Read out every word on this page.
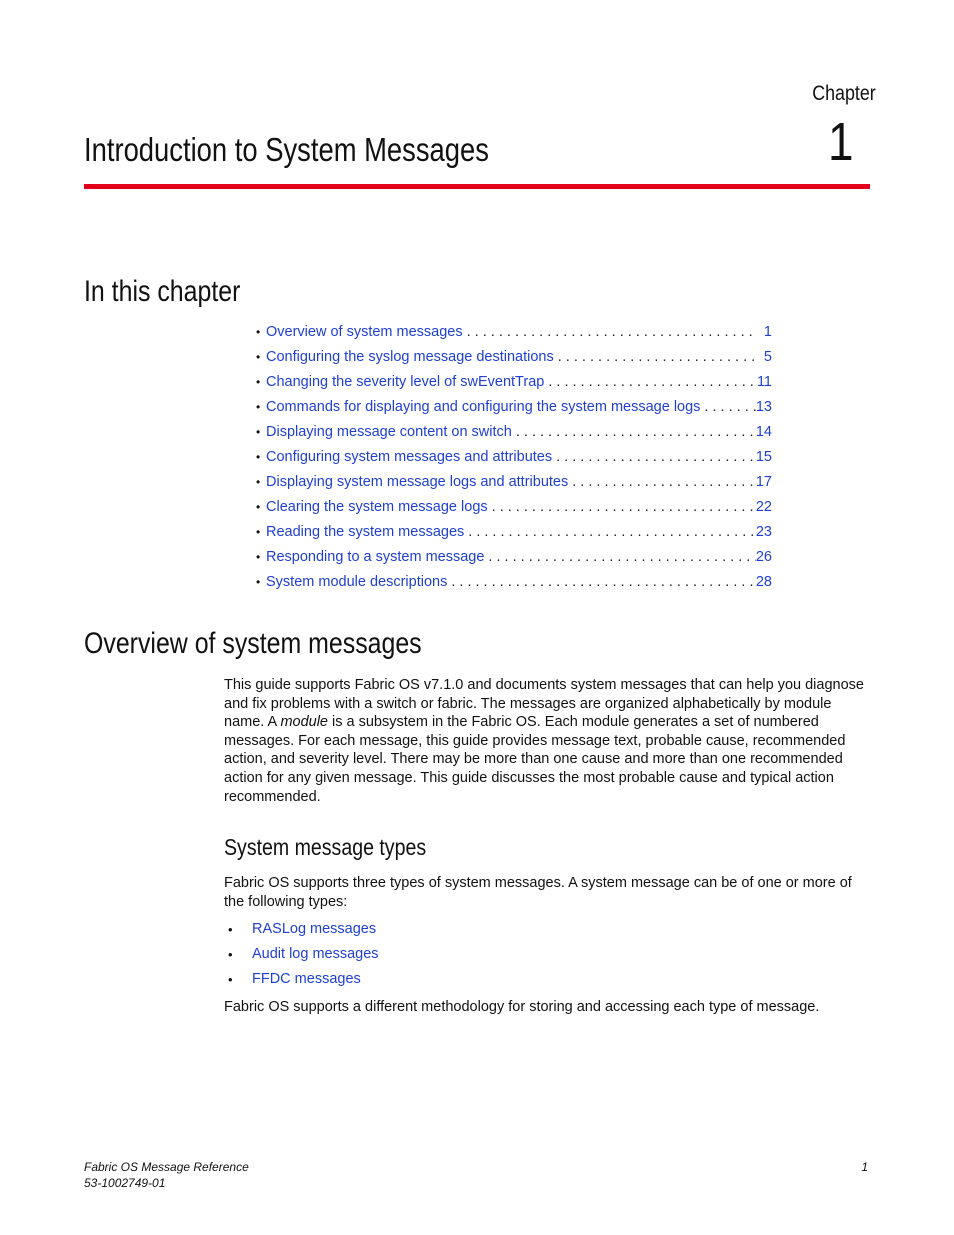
Chapter
1
Introduction to System Messages
In this chapter
• Overview of system messages . . .	1
• Configuring the syslog message destinations . . .	5
• Changing the severity level of swEventTrap . . .	11
• Commands for displaying and configuring the system message logs . . .	13
• Displaying message content on switch . . .	14
• Configuring system messages and attributes . . .	15
• Displaying system message logs and attributes . . .	17
• Clearing the system message logs . . .	22
• Reading the system messages . . .	23
• Responding to a system message . . .	26
• System module descriptions . . .	28
Overview of system messages

This guide supports Fabric OS v7.1.0 and documents system messages that can help you diagnose and fix problems with a switch or fabric. The messages are organized alphabetically by module name. A module is a subsystem in the Fabric OS. Each module generates a set of numbered messages. For each message, this guide provides message text, probable cause, recommended action, and severity level. There may be more than one cause and more than one recommended action for any given message. This guide discusses the most probable cause and typical action recommended.

System message types

Fabric OS supports three types of system messages. A system message can be of one or more of the following types:

•	RASLog messages
•	Audit log messages
•	FFDC messages

Fabric OS supports a different methodology for storing and accessing each type of message.

Fabric OS Message Reference
53-1002749-01
1
